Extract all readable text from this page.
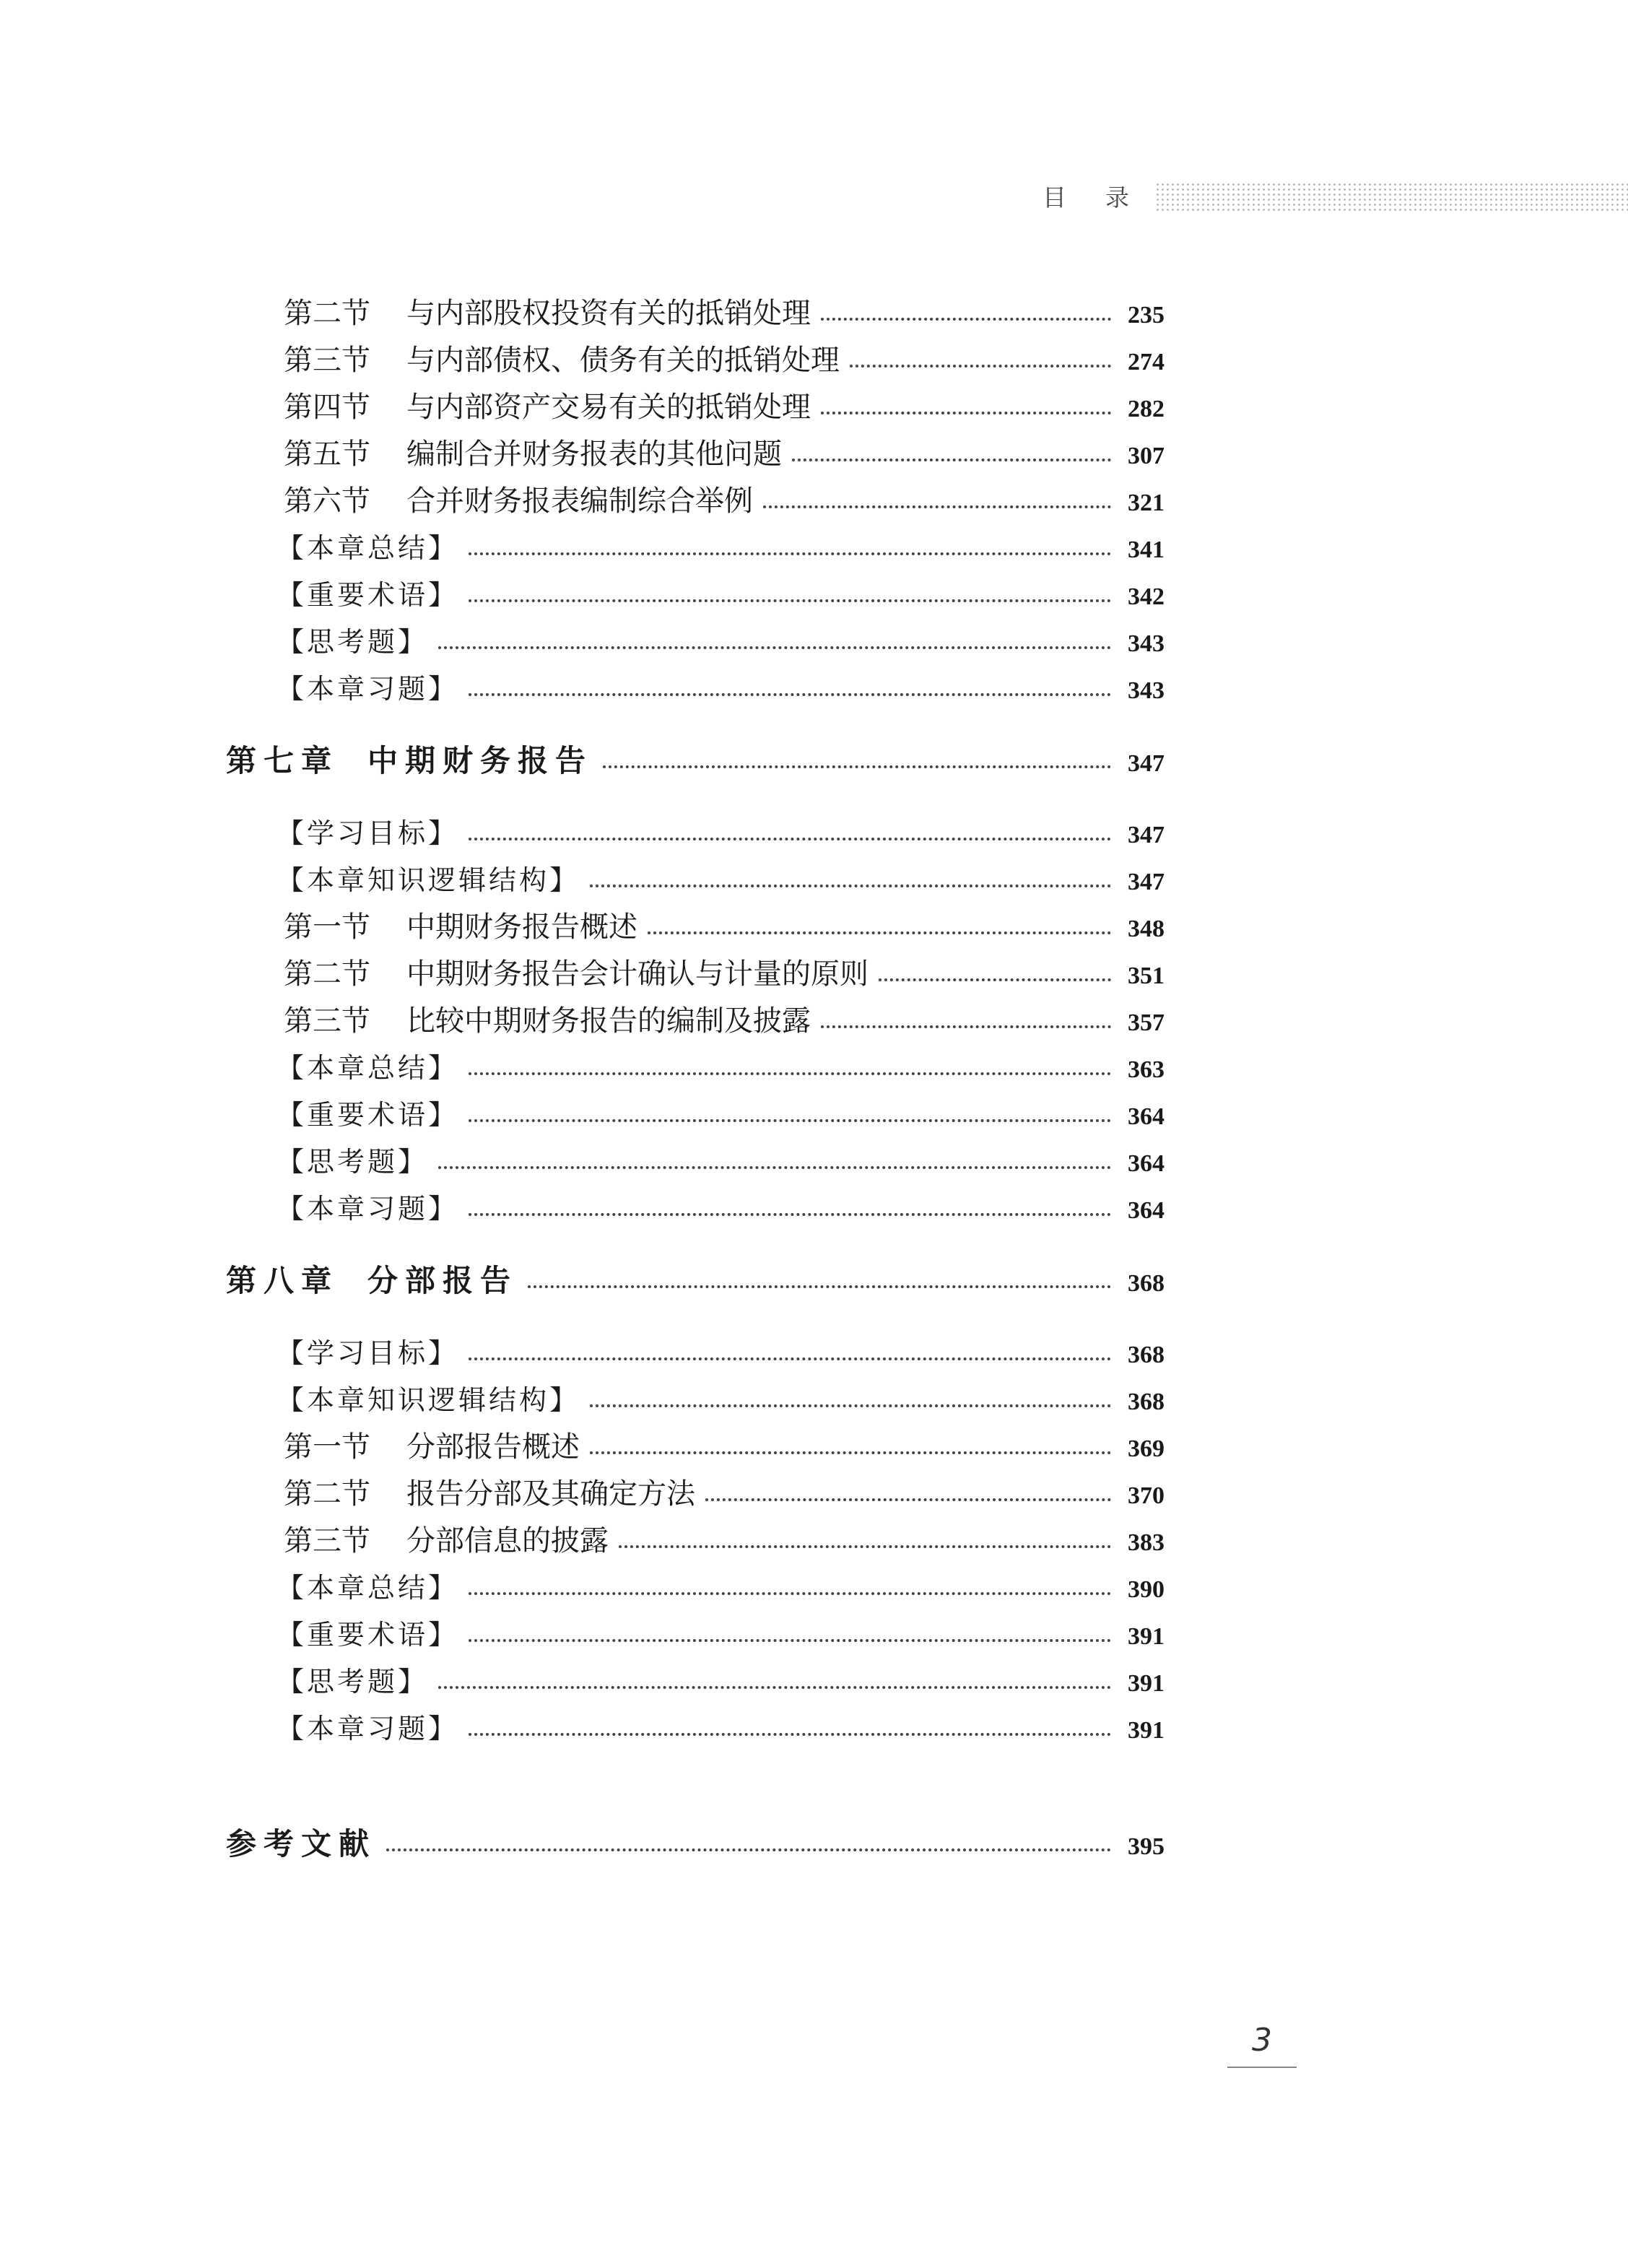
目 录
第二节 与内部股权投资有关的抵销处理	235
第三节 与内部债权、债务有关的抵销处理	274
第四节 与内部资产交易有关的抵销处理	282
第五节 编制合并财务报表的其他问题	307
第六节 合并财务报表编制综合举例	321
【本章总结】	341
【重要术语】	342
【思考题】	343
【本章习题】	343
第七章 中期财务报告	347
【学习目标】	347
【本章知识逻辑结构】	347
第一节 中期财务报告概述	348
第二节 中期财务报告会计确认与计量的原则	351
第三节 比较中期财务报告的编制及披露	357
【本章总结】	363
【重要术语】	364
【思考题】	364
【本章习题】	364
第八章 分部报告	368
【学习目标】	368
【本章知识逻辑结构】	368
第一节 分部报告概述	369
第二节 报告分部及其确定方法	370
第三节 分部信息的披露	383
【本章总结】	390
【重要术语】	391
【思考题】	391
【本章习题】	391
参考文献	395
3
